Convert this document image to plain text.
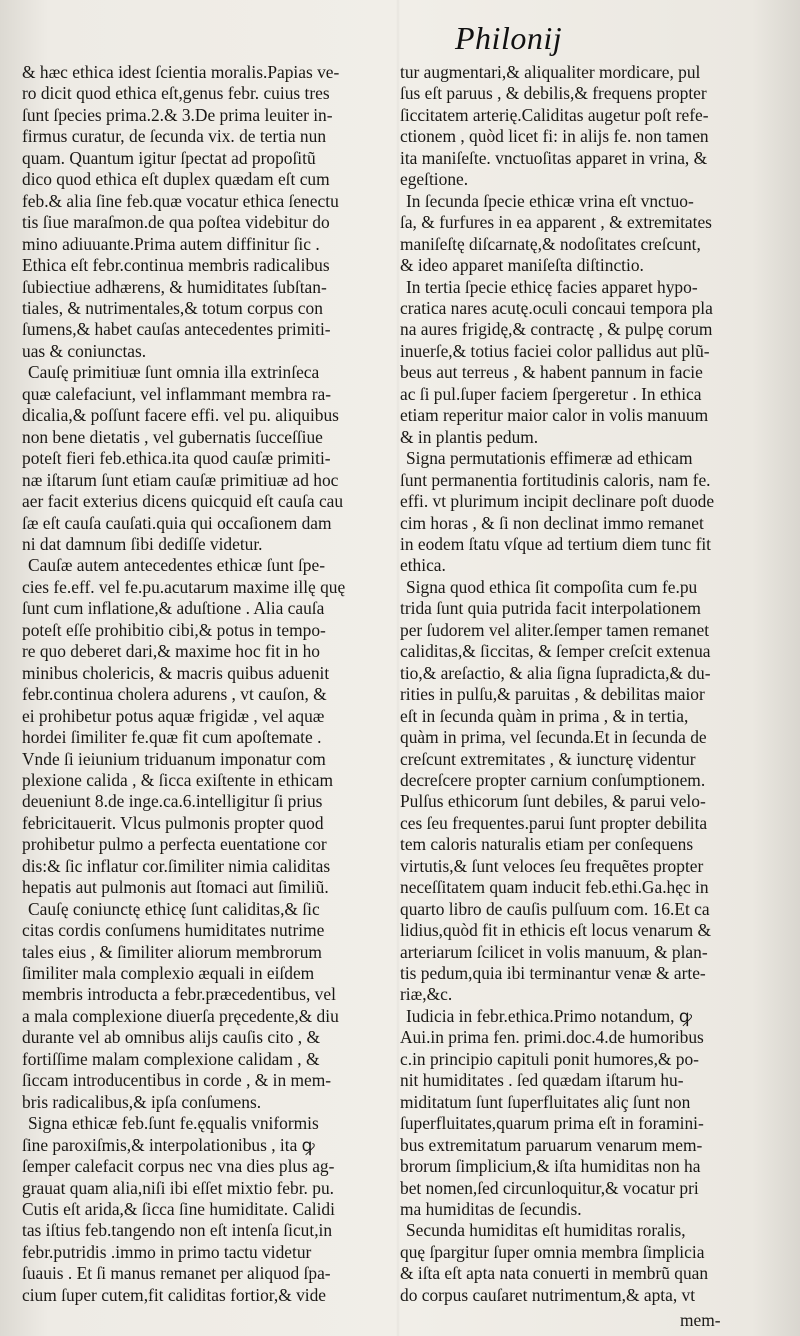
Philonij
& hæc ethica idest ſcientia moralis.Papias ve-
ro dicit quod ethica eſt,genus febr. cuius tres
ſunt ſpecies prima.2.& 3.De prima leuiter in-
firmus curatur, de ſecunda vix. de tertia nun
quam. Quantum igitur ſpectat ad propoſitũ
dico quod ethica eſt duplex quædam eſt cum
feb.& alia ſine feb.quæ vocatur ethica ſenectu
tis ſiue maraſmon.de qua poſtea videbitur do
mino adiuuante.Prima autem diffinitur ſic .
Ethica eſt febr.continua membris radicalibus
ſubiectiue adhærens, & humiditates ſubſtan-
tiales, & nutrimentales,& totum corpus con
ſumens,& habet cauſas antecedentes primiti-
uas & coniunctas.
Cauſę primitiuæ ſunt omnia illa extrinſeca
quæ calefaciunt, vel inflammant membra ra-
dicalia,& poſſunt facere effi. vel pu. aliquibus
non bene dietatis , vel gubernatis ſucceſſiue
poteſt fieri feb.ethica.ita quod cauſæ primiti-
næ iſtarum ſunt etiam cauſæ primitiuæ ad hoc
aer facit exterius dicens quicquid eſt cauſa cau
ſæ eſt cauſa cauſati.quia qui occaſionem dam
ni dat damnum ſibi dediſſe videtur.
Cauſæ autem antecedentes ethicæ ſunt ſpe-
cies fe.eff. vel fe.pu.acutarum maxime illę quę
ſunt cum inflatione,& aduſtione . Alia cauſa
poteſt eſſe prohibitio cibi,& potus in tempo-
re quo deberet dari,& maxime hoc fit in ho
minibus cholericis, & macris quibus aduenit
febr.continua cholera adurens , vt cauſon, &
ei prohibetur potus aquæ frigidæ , vel aquæ
hordei ſimiliter fe.quæ fit cum apoſtemate .
Vnde ſi ieiunium triduanum imponatur com
plexione calida , & ſicca exiſtente in ethicam
deueniunt 8.de inge.ca.6.intelligitur ſi prius
febricitauerit. Vlcus pulmonis propter quod
prohibetur pulmo a perfecta euentatione cor
dis:& ſic inflatur cor.ſimiliter nimia caliditas
hepatis aut pulmonis aut ſtomaci aut ſimiliũ.
Cauſę coniunctę ethicę ſunt caliditas,& ſic
citas cordis conſumens humiditates nutrime
tales eius , & ſimiliter aliorum membrorum
ſimiliter mala complexio æquali in eiſdem
membris introducta a febr.præcedentibus, vel
a mala complexione diuerſa pręcedente,& diu
durante vel ab omnibus alijs cauſis cito , &
fortiſſime malam complexione calidam , &
ſiccam introducentibus in corde , & in mem-
bris radicalibus,& ipſa conſumens.
Signa ethicæ feb.ſunt fe.ęqualis vniformis
ſine paroxiſmis,& interpolationibus , ita ꝙ
ſemper calefacit corpus nec vna dies plus ag-
grauat quam alia,niſi ibi eſſet mixtio febr. pu.
Cutis eſt arida,& ſicca ſine humiditate. Calidi
tas iſtius feb.tangendo non eſt intenſa ſicut,in
febr.putridis .immo in primo tactu videtur
ſuauis . Et ſi manus remanet per aliquod ſpa-
cium ſuper cutem,fit caliditas fortior,& vide
tur augmentari,& aliqualiter mordicare, pul
ſus eſt paruus , & debilis,& frequens propter
ſiccitatem arterię.Caliditas augetur poſt refe-
ctionem , quòd licet fi: in alijs fe. non tamen
ita maniſeſte. vnctuoſitas apparet in vrina, &
egeſtione.
In ſecunda ſpecie ethicæ vrina eſt vnctuo-
ſa, & furfures in ea apparent , & extremitates
maniſeſtę diſcarnatę,& nodoſitates creſcunt,
& ideo apparet maniſeſta diſtinctio.
In tertia ſpecie ethicę facies apparet hypo-
cratica nares acutę.oculi concaui tempora pla
na aures frigidę,& contractę , & pulpę corum
inuerſe,& totius faciei color pallidus aut plũ-
beus aut terreus , & habent pannum in facie
ac ſi pul.ſuper faciem ſpergeretur . In ethica
etiam reperitur maior calor in volis manuum
& in plantis pedum.
Signa permutationis effimeræ ad ethicam
ſunt permanentia fortitudinis caloris, nam fe.
effi. vt plurimum incipit declinare poſt duode
cim horas , & ſi non declinat immo remanet
in eodem ſtatu vſque ad tertium diem tunc fit
ethica.
Signa quod ethica ſit compoſita cum fe.pu
trida ſunt quia putrida facit interpolationem
per ſudorem vel aliter.ſemper tamen remanet
caliditas,& ſiccitas, & ſemper creſcit extenua
tio,& areſactio, & alia ſigna ſupradicta,& du-
rities in pulſu,& paruitas , & debilitas maior
eſt in ſecunda quàm in prima , & in tertia,
quàm in prima, vel ſecunda.Et in ſecunda de
creſcunt extremitates , & iuncturę videntur
decreſcere propter carnium conſumptionem.
Pulſus ethicorum ſunt debiles, & parui velo-
ces ſeu frequentes.parui ſunt propter debilita
tem caloris naturalis etiam per conſequens
virtutis,& ſunt veloces ſeu frequẽtes propter
neceſſitatem quam inducit feb.ethi.Ga.hęc in
quarto libro de cauſis pulſuum com. 16.Et ca
lidius,quòd fit in ethicis eſt locus venarum &
arteriarum ſcilicet in volis manuum, & plan-
tis pedum,quia ibi terminantur venæ & arte-
riæ,&c.
Iudicia in febr.ethica.Primo notandum, ꝙ
Aui.in prima fen. primi.doc.4.de humoribus
c.in principio capituli ponit humores,& po-
nit humiditates . ſed quædam iſtarum hu-
miditatum ſunt ſuperfluitates aliç ſunt non
ſuperfluitates,quarum prima eſt in foramini-
bus extremitatum paruarum venarum mem-
brorum ſimplicium,& iſta humiditas non ha
bet nomen,ſed circunloquitur,& vocatur pri
ma humiditas de ſecundis.
Secunda humiditas eſt humiditas roralis,
quę ſpargitur ſuper omnia membra ſimplicia
& iſta eſt apta nata conuerti in membrũ quan
do corpus cauſaret nutrimentum,& apta, vt
mem-
